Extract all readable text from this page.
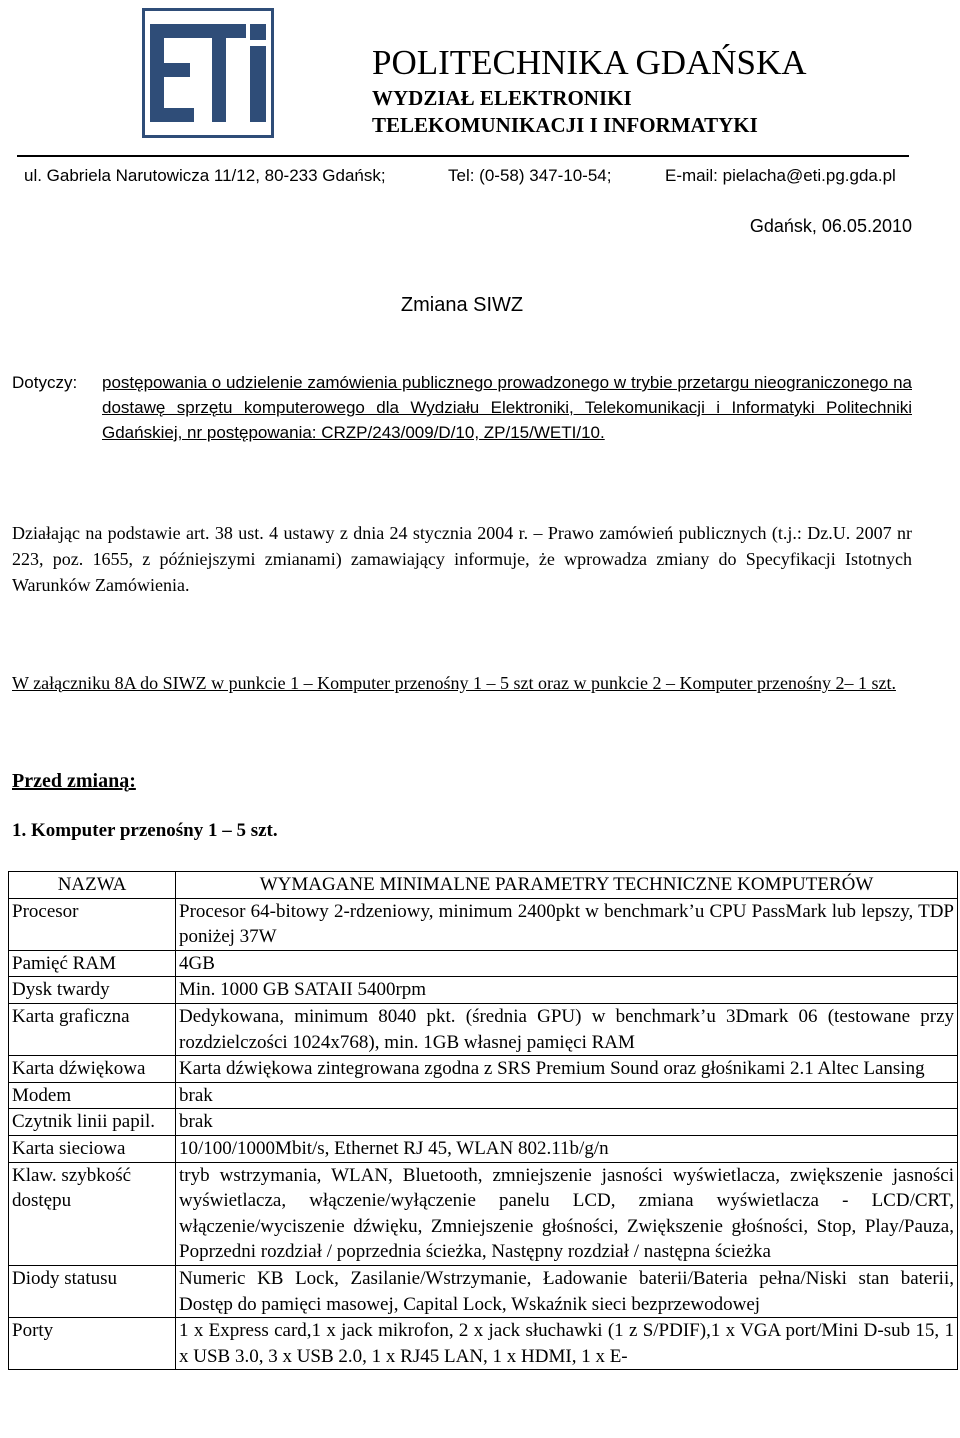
POLITECHNIKA GDAŃSKA
WYDZIAŁ ELEKTRONIKI
TELEKOMUNIKACJI I INFORMATYKI
ul. Gabriela Narutowicza 11/12, 80-233 Gdańsk;	Tel: (0-58) 347-10-54;	E-mail: pielacha@eti.pg.gda.pl
Gdańsk, 06.05.2010
Zmiana SIWZ
Dotyczy: postępowania o udzielenie zamówienia publicznego prowadzonego w trybie przetargu nieograniczonego na dostawę sprzętu komputerowego dla Wydziału Elektroniki, Telekomunikacji i Informatyki Politechniki Gdańskiej, nr postępowania: CRZP/243/009/D/10, ZP/15/WETI/10.
Działając na podstawie art. 38 ust. 4 ustawy z dnia 24 stycznia 2004 r. – Prawo zamówień publicznych (t.j.: Dz.U. 2007 nr 223, poz. 1655, z późniejszymi zmianami) zamawiający informuje, że wprowadza zmiany do Specyfikacji Istotnych Warunków Zamówienia.
W załączniku 8A do SIWZ w punkcie 1 – Komputer przenośny 1 – 5 szt oraz w punkcie 2 – Komputer przenośny 2– 1 szt.
Przed zmianą:
1. Komputer przenośny 1 – 5 szt.
NAZWA	WYMAGANE MINIMALNE PARAMETRY TECHNICZNE KOMPUTERÓW
Procesor	Procesor 64-bitowy 2-rdzeniowy, minimum 2400pkt w benchmark’u CPU PassMark lub lepszy, TDP poniżej 37W
Pamięć RAM	4GB
Dysk twardy	Min. 1000 GB SATAII 5400rpm
Karta graficzna	Dedykowana, minimum 8040 pkt. (średnia GPU) w benchmark’u 3Dmark 06 (testowane przy rozdzielczości 1024x768), min. 1GB własnej pamięci RAM
Karta dźwiękowa	Karta dźwiękowa zintegrowana zgodna z SRS Premium Sound oraz głośnikami 2.1 Altec Lansing
Modem	brak
Czytnik linii papil.	brak
Karta sieciowa	10/100/1000Mbit/s, Ethernet RJ 45, WLAN 802.11b/g/n
Klaw. szybkość dostępu	tryb wstrzymania, WLAN, Bluetooth, zmniejszenie jasności wyświetlacza, zwiększenie jasności wyświetlacza, włączenie/wyłączenie panelu LCD, zmiana wyświetlacza - LCD/CRT, włączenie/wyciszenie dźwięku, Zmniejszenie głośności, Zwiększenie głośności, Stop, Play/Pauza, Poprzedni rozdział / poprzednia ścieżka, Następny rozdział / następna ścieżka
Diody statusu	Numeric KB Lock, Zasilanie/Wstrzymanie, Ładowanie baterii/Bateria pełna/Niski stan baterii, Dostęp do pamięci masowej, Capital Lock, Wskaźnik sieci bezprzewodowej
Porty	1 x Express card,1 x jack mikrofon, 2 x jack słuchawki (1 z S/PDIF),1 x VGA port/Mini D-sub 15, 1 x USB 3.0, 3 x USB 2.0, 1 x RJ45 LAN, 1 x HDMI, 1 x E-
